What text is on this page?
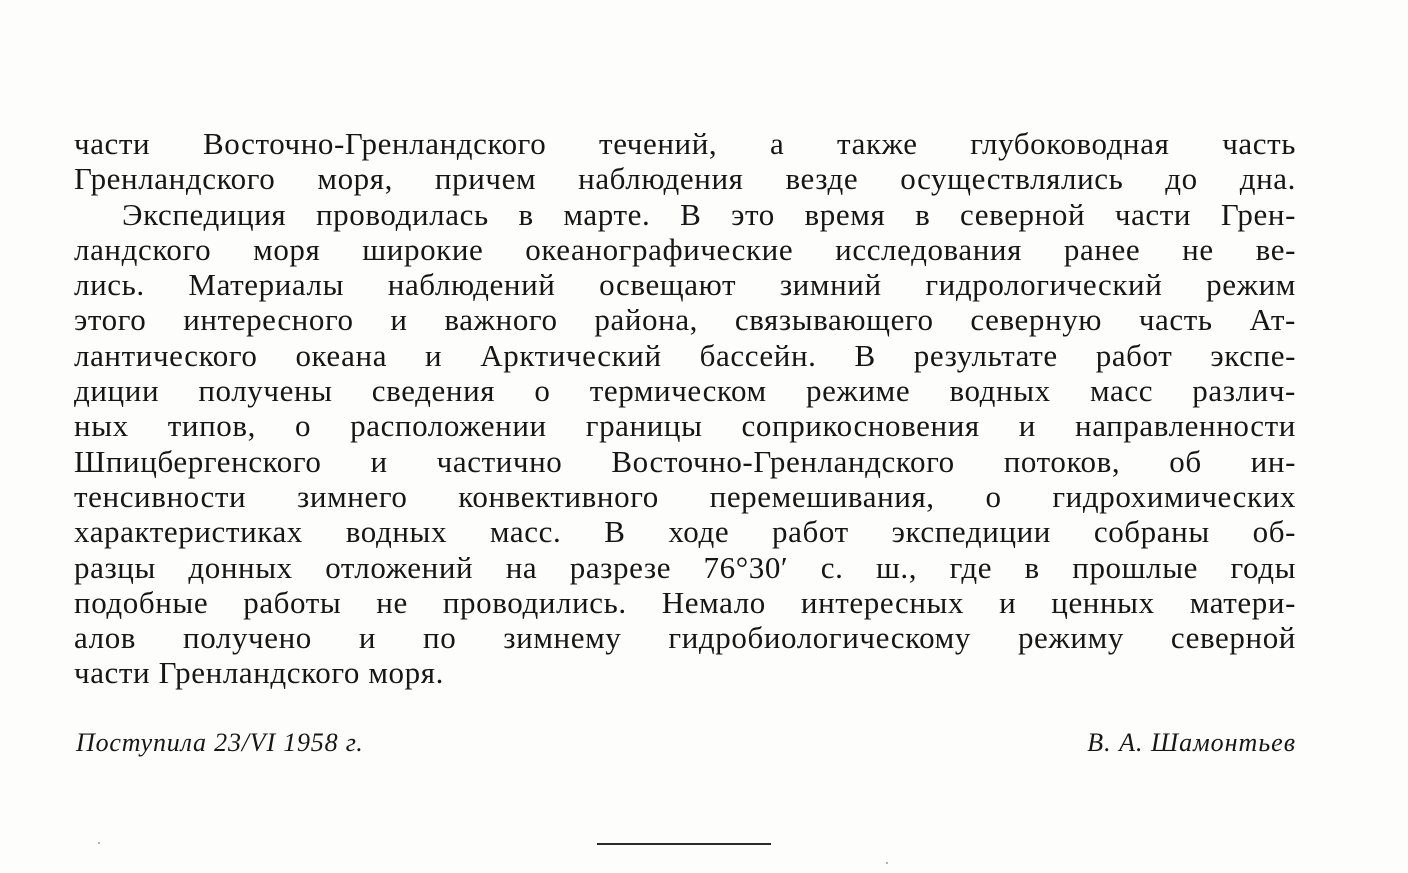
части Восточно-Гренландского течений, а также глубоководная часть
Гренландского моря, причем наблюдения везде осуществлялись до дна.
Экспедиция проводилась в марте. В это время в северной части Грен-
ландского моря широкие океанографические исследования ранее не ве-
лись. Материалы наблюдений освещают зимний гидрологический режим
этого интересного и важного района, связывающего северную часть Ат-
лантического океана и Арктический бассейн. В результате работ экспе-
диции получены сведения о термическом режиме водных масс различ-
ных типов, о расположении границы соприкосновения и направленности
Шпицбергенского и частично Восточно-Гренландского потоков, об ин-
тенсивности зимнего конвективного перемешивания, о гидрохимических
характеристиках водных масс. В ходе работ экспедиции собраны об-
разцы донных отложений на разрезе 76°30′ с. ш., где в прошлые годы
подобные работы не проводились. Немало интересных и ценных матери-
алов получено и по зимнему гидробиологическому режиму северной
части Гренландского моря.
Поступила 23/VI 1958 г.	В. А. Шамонтьев
